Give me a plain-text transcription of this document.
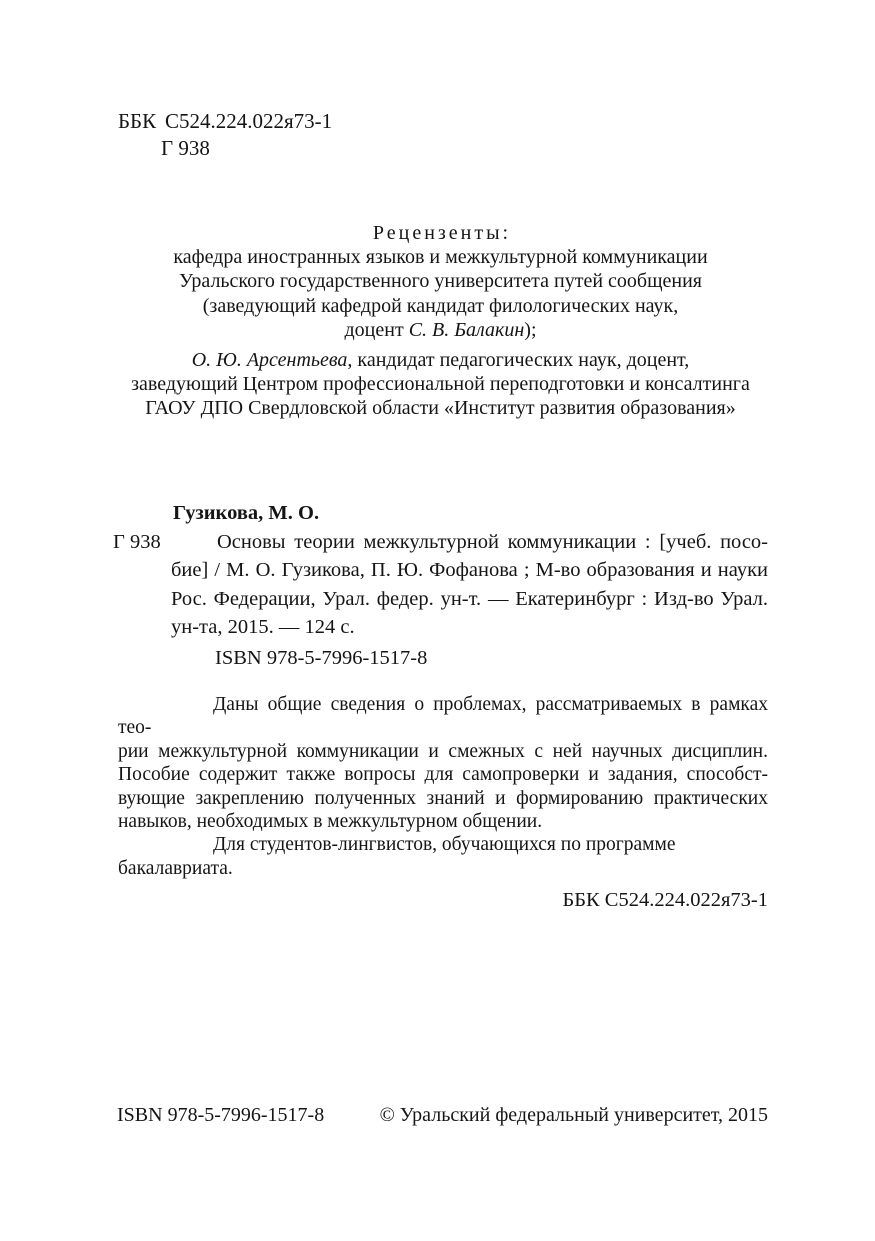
ББК С524.224.022я73-1
Г 938
Рецензенты:
кафедра иностранных языков и межкультурной коммуникации
Уральского государственного университета путей сообщения
(заведующий кафедрой кандидат филологических наук,
доцент С. В. Балакин);
О. Ю. Арсентьева, кандидат педагогических наук, доцент,
заведующий Центром профессиональной переподготовки и консалтинга
ГАОУ ДПО Свердловской области «Институт развития образования»
Гузикова, М. О.
Г 938	Основы теории межкультурной коммуникации : [учеб. посо-
бие] / М. О. Гузикова, П. Ю. Фофанова ; М-во образования и науки
Рос. Федерации, Урал. федер. ун-т. — Екатеринбург : Изд-во Урал.
ун-та, 2015. — 124 с.
ISBN 978-5-7996-1517-8
Даны общие сведения о проблемах, рассматриваемых в рамках тео-
рии межкультурной коммуникации и смежных с ней научных дисциплин.
Пособие содержит также вопросы для самопроверки и задания, способст-
вующие закреплению полученных знаний и формированию практических
навыков, необходимых в межкультурном общении.
Для студентов-лингвистов, обучающихся по программе бакалавриата.
ББК С524.224.022я73-1
ISBN 978-5-7996-1517-8	© Уральский федеральный университет, 2015
